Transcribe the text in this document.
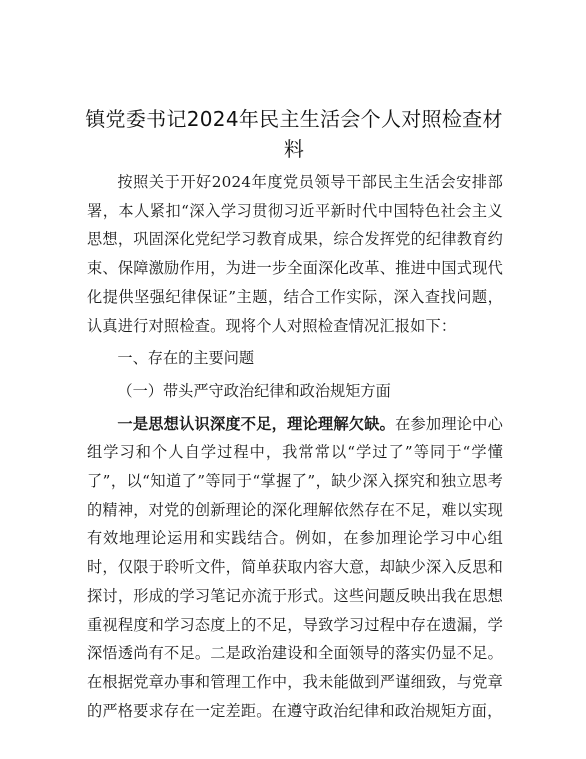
镇党委书记2024年民主生活会个人对照检查材料

按照关于开好2024年度党员领导干部民主生活会安排部署，本人紧扣“深入学习贯彻习近平新时代中国特色社会主义思想，巩固深化党纪学习教育成果，综合发挥党的纪律教育约束、保障激励作用，为进一步全面深化改革、推进中国式现代化提供坚强纪律保证”主题，结合工作实际，深入查找问题，认真进行对照检查。现将个人对照检查情况汇报如下：

一、存在的主要问题

（一）带头严守政治纪律和政治规矩方面

一是思想认识深度不足，理论理解欠缺。在参加理论中心组学习和个人自学过程中，我常常以“学过了”等同于“学懂了”，以“知道了”等同于“掌握了”，缺少深入探究和独立思考的精神，对党的创新理论的深化理解依然存在不足，难以实现有效地理论运用和实践结合。例如，在参加理论学习中心组时，仅限于聆听文件，简单获取内容大意，却缺少深入反思和探讨，形成的学习笔记亦流于形式。这些问题反映出我在思想重视程度和学习态度上的不足，导致学习过程中存在遗漏，学深悟透尚有不足。二是政治建设和全面领导的落实仍显不足。在根据党章办事和管理工作中，我未能做到严谨细致，与党章的严格要求存在一定差距。在遵守政治纪律和政治规矩方面，
